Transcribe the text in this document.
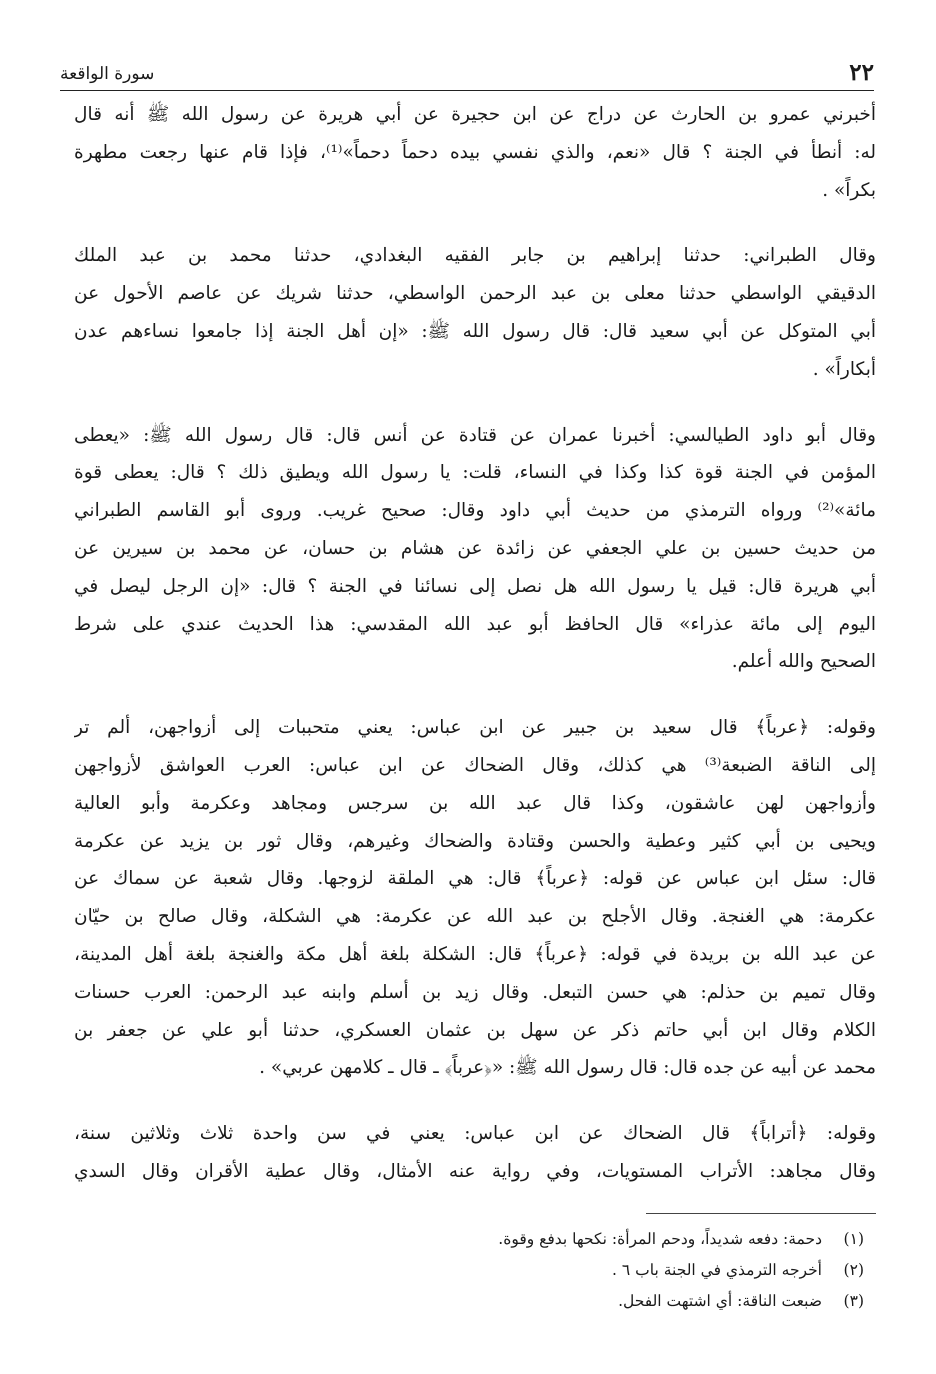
سورة الواقعة	٢٢
أخبرني عمرو بن الحارث عن دراج عن ابن حجيرة عن أبي هريرة عن رسول الله ﷺ أنه قال
له: أنطأ في الجنة ؟ قال «نعم، والذي نفسي بيده دحماً دحماً»⁽¹⁾، فإذا قام عنها رجعت مطهرة
بكراً» .
وقال الطبراني: حدثنا إبراهيم بن جابر الفقيه البغدادي، حدثنا محمد بن عبد الملك
الدقيقي الواسطي حدثنا معلى بن عبد الرحمن الواسطي، حدثنا شريك عن عاصم الأحول عن
أبي المتوكل عن أبي سعيد قال: قال رسول الله ﷺ: «إن أهل الجنة إذا جامعوا نساءهم عدن
أبكاراً» .
وقال أبو داود الطيالسي: أخبرنا عمران عن قتادة عن أنس قال: قال رسول الله ﷺ: «يعطى
المؤمن في الجنة قوة كذا وكذا في النساء، قلت: يا رسول الله ويطيق ذلك ؟ قال: يعطى قوة
مائة»⁽²⁾ ورواه الترمذي من حديث أبي داود وقال: صحيح غريب. وروى أبو القاسم الطبراني
من حديث حسين بن علي الجعفي عن زائدة عن هشام بن حسان، عن محمد بن سيرين عن
أبي هريرة قال: قيل يا رسول الله هل نصل إلى نسائنا في الجنة ؟ قال: «إن الرجل ليصل في
اليوم إلى مائة عذراء» قال الحافظ أبو عبد الله المقدسي: هذا الحديث عندي على شرط
الصحيح والله أعلم.
وقوله: ﴿عرباً﴾ قال سعيد بن جبير عن ابن عباس: يعني متحببات إلى أزواجهن، ألم تر
إلى الناقة الضبعة⁽³⁾ هي كذلك، وقال الضحاك عن ابن عباس: العرب العواشق لأزواجهن
وأزواجهن لهن عاشقون، وكذا قال عبد الله بن سرجس ومجاهد وعكرمة وأبو العالية
ويحيى بن أبي كثير وعطية والحسن وقتادة والضحاك وغيرهم، وقال ثور بن يزيد عن عكرمة
قال: سئل ابن عباس عن قوله: ﴿عرباً﴾ قال: هي الملقة لزوجها. وقال شعبة عن سماك عن
عكرمة: هي الغنجة. وقال الأجلح بن عبد الله عن عكرمة: هي الشكلة، وقال صالح بن حيّان
عن عبد الله بن بريدة في قوله: ﴿عرباً﴾ قال: الشكلة بلغة أهل مكة والغنجة بلغة أهل المدينة،
وقال تميم بن حذلم: هي حسن التبعل. وقال زيد بن أسلم وابنه عبد الرحمن: العرب حسنات
الكلام وقال ابن أبي حاتم ذكر عن سهل بن عثمان العسكري، حدثنا أبو علي عن جعفر بن
محمد عن أبيه عن جده قال: قال رسول الله ﷺ: «﴿عرباً﴾ ـ قال ـ كلامهن عربي» .
وقوله: ﴿أتراباً﴾ قال الضحاك عن ابن عباس: يعني في سن واحدة ثلاث وثلاثين سنة،
وقال مجاهد: الأتراب المستويات، وفي رواية عنه الأمثال، وقال عطية الأقران وقال السدي
(١)
دحمة: دفعه شديداً، ودحم المرأة: نكحها بدفع وقوة.
(٢)
أخرجه الترمذي في الجنة باب ٦ .
(٣)
ضبعت الناقة: أي اشتهت الفحل.
